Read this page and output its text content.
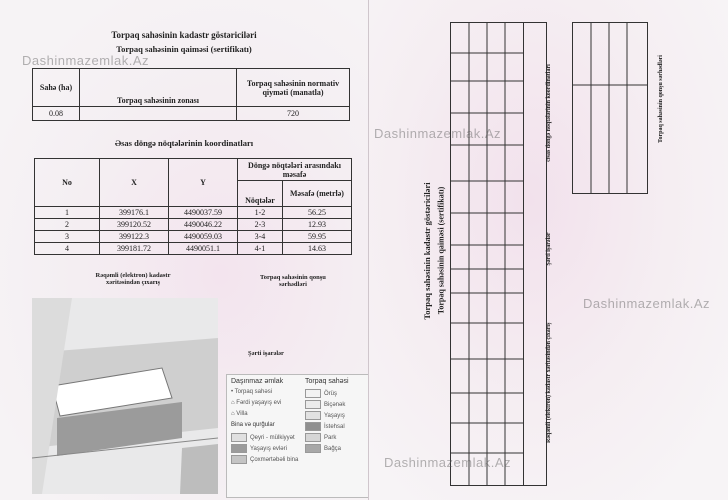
Torpaq sahəsinin kadastr göstəriciləri
Torpaq sahəsinin qaiməsi (sertifikatı)
Sahə (ha)	Torpaq sahəsinin zonası	Torpaq sahəsinin normativ qiyməti (manatla)
0.08		720
Əsas döngə nöqtələrinin koordinatları
No	X	Y	Döngə nöqtələri arasındakı məsafə	
			Nöqtələr	Məsafə (metrlə)
1	399176.1	4490037.59	1-2	56.25
2	399120.52	4490046.22	2-3	12.93
3	399122.3	4490059.03	3-4	59.95
4	399181.72	4490051.1	4-1	14.63
Rəqəmli (elektron) kadastr xəritəsindən çıxarış
Torpaq sahəsinin qonşu sərhədləri
Şərti işarələr
Daşınmaz əmlak
• Torpaq sahəsi
⌂ Fərdi yaşayış evi
⌂ Villa
Bina və qurğular
Qeyri - mülkiyyət
Yaşayış evləri
Çoxmərtəbəli bina
Torpaq sahəsi
Örüş
Biçənək
Yaşayış
İstehsal
Park
Bağça
Torpaq sahəsinin kadastr göstəriciləri Torpaq sahəsinin qaiməsi (sertifikatı)
Əsas döngə nöqtələrinin koordinatları
Şərti işarələr
Rəqəmli (elektron) kadastr xəritəsindən çıxarış
Torpaq sahəsinin qonşu sərhədləri
Dashinmazemlak.Az
Dashinmazemlak.Az
Dashinmazemlak.Az
Dashinmazemlak.Az
